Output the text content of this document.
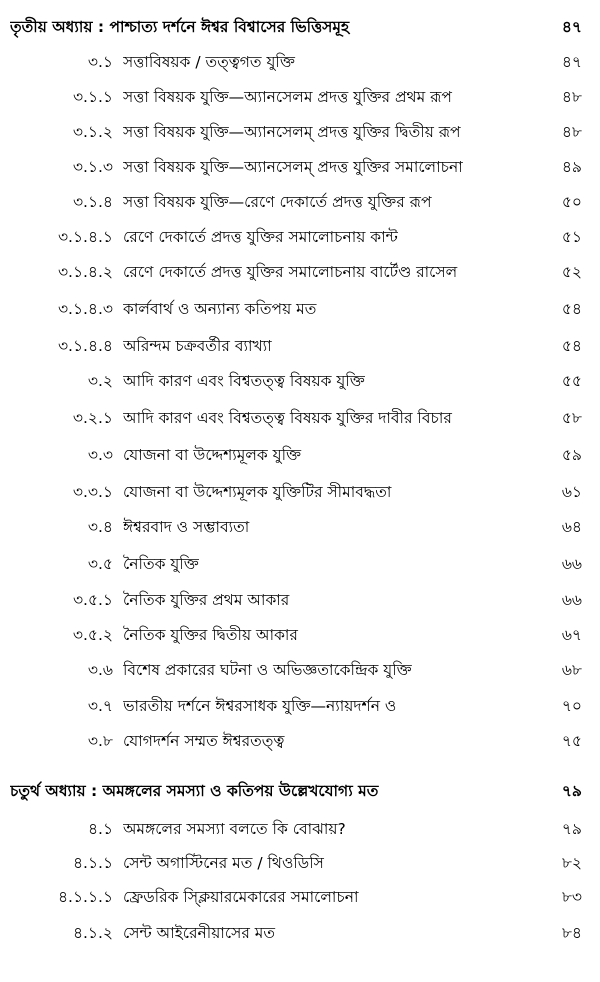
তৃতীয় অধ্যায় : পাশ্চাত্য দর্শনে ঈশ্বর বিশ্বাসের ভিত্তিসমূহ	৪৭
৩.১ সত্তাবিষয়ক / তত্ত্বগত যুক্তি	৪৭
৩.১.১ সত্তা বিষয়ক যুক্তি—অ্যানসেলম প্রদত্ত যুক্তির প্রথম রূপ	৪৮
৩.১.২ সত্তা বিষয়ক যুক্তি—অ্যানসেলম্ প্রদত্ত যুক্তির দ্বিতীয় রূপ	৪৮
৩.১.৩ সত্তা বিষয়ক যুক্তি—অ্যানসেলম্ প্রদত্ত যুক্তির সমালোচনা	৪৯
৩.১.৪ সত্তা বিষয়ক যুক্তি—রেণে দেকার্তে প্রদত্ত যুক্তির রূপ	৫০
৩.১.৪.১ রেণে দেকার্তে প্রদত্ত যুক্তির সমালোচনায় কান্ট	৫১
৩.১.৪.২ রেণে দেকার্তে প্রদত্ত যুক্তির সমালোচনায় বার্টেণ্ড রাসেল	৫২
৩.১.৪.৩ কার্লবার্থ ও অন্যান্য কতিপয় মত	৫৪
৩.১.৪.৪ অরিন্দম চক্রবর্তীর ব্যাখ্যা	৫৪
৩.২ আদি কারণ এবং বিশ্বতত্ত্ব বিষয়ক যুক্তি	৫৫
৩.২.১ আদি কারণ এবং বিশ্বতত্ত্ব বিষয়ক যুক্তির দাবীর বিচার	৫৮
৩.৩ যোজনা বা উদ্দেশ্যমূলক যুক্তি	৫৯
৩.৩.১ যোজনা বা উদ্দেশ্যমূলক যুক্তিটির সীমাবদ্ধতা	৬১
৩.৪ ঈশ্বরবাদ ও সম্ভাব্যতা	৬৪
৩.৫ নৈতিক যুক্তি	৬৬
৩.৫.১ নৈতিক যুক্তির প্রথম আকার	৬৬
৩.৫.২ নৈতিক যুক্তির দ্বিতীয় আকার	৬৭
৩.৬ বিশেষ প্রকারের ঘটনা ও অভিজ্ঞতাকেন্দ্রিক যুক্তি	৬৮
৩.৭ ভারতীয় দর্শনে ঈশ্বরসাধক যুক্তি—ন্যায়দর্শন ও	৭০
৩.৮ যোগদর্শন সম্মত ঈশ্বরতত্ত্ব	৭৫
চতুর্থ অধ্যায় : অমঙ্গলের সমস্যা ও কতিপয় উল্লেখযোগ্য মত	৭৯
৪.১ অমঙ্গলের সমস্যা বলতে কি বোঝায়?	৭৯
৪.১.১ সেন্ট অগাস্টিনের মত / থিওডিসি	৮২
৪.১.১.১ ফ্রেডরিক স্ক্লিয়ারমেকারের সমালোচনা	৮৩
৪.১.২ সেন্ট আইরেনীয়াসের মত	৮৪
